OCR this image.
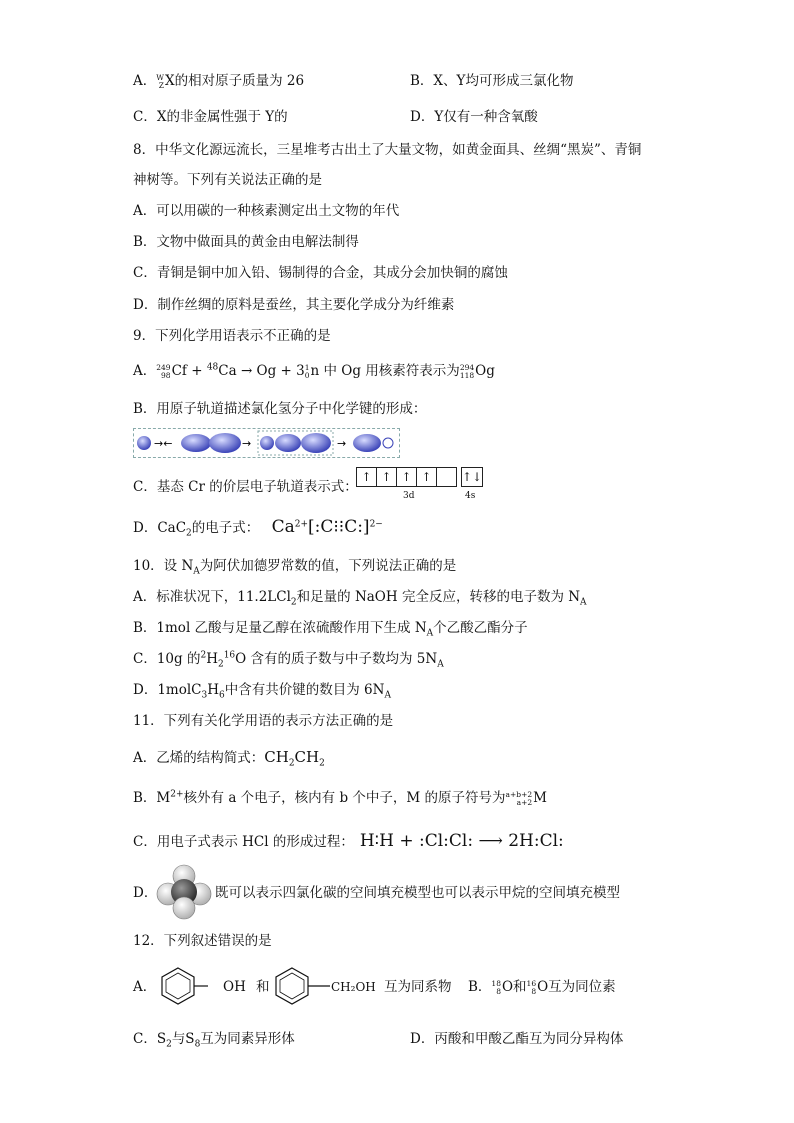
A． W
Z X的相对原子质量为 26	B．X、Y均可形成三氯化物
C．X的非金属性强于 Y的	D．Y仅有一种含氧酸
8．中华文化源远流长，三星堆考古出土了大量文物，如黄金面具、丝绸“黑炭”、青铜
神树等。下列有关说法正确的是
A．可以用碳的一种核素测定出土文物的年代
B．文物中做面具的黄金由电解法制得
C．青铜是铜中加入铅、锡制得的合金，其成分会加快铜的腐蚀
D．制作丝绸的原料是蚕丝，其主要化学成分为纤维素
9．下列化学用语表示不正确的是
A． 249
98 Cf + $^{48}$Ca → Og + 3 1
0 n 中 Og 用核素符表示为 294
118 Og
B．用原子轨道描述氯化氢分子中化学键的形成：
→←	→	→
C．基态 Cr 的价层电子轨道表示式：
↑ ↑ ↑ ↑	↑↓
3d	4s
D．CaC$_2$的电子式： $Ca^{2+}[:C⁝⁝C:]^{2-}$
10．设 $N_A$为阿伏加德罗常数的值，下列说法正确的是
A．标准状况下，11.2LCl$_2$和足量的 NaOH 完全反应，转移的电子数为 $N_A$
B．1mol 乙酸与足量乙醇在浓硫酸作用下生成 $N_A$个乙酸乙酯分子
C．10g 的$^2H_2^{16}O$ 含有的质子数与中子数均为 $5N_A$
D．$1molC_3H_6$中含有共价键的数目为 $6N_A$
11．下列有关化学用语的表示方法正确的是
A．乙烯的结构简式：$CH_2CH_2$
B．$M^{2+}$核外有 a 个电子，核内有 b 个中子，M 的原子符号为 a+b+2
a+2 M
C．用电子式表示 HCl 的形成过程： H∶H + :Cl:Cl: ⟶ 2H:Cl:
D．	既可以表示四氯化碳的空间填充模型也可以表示甲烷的空间填充模型
12．下列叙述错误的是
A．	OH 和	CH₂OH 互为同系物 B． 18
8 O和 16
8 O互为同位素
C．$S_2$与$S_8$互为同素异形体	D．丙酸和甲酸乙酯互为同分异构体
